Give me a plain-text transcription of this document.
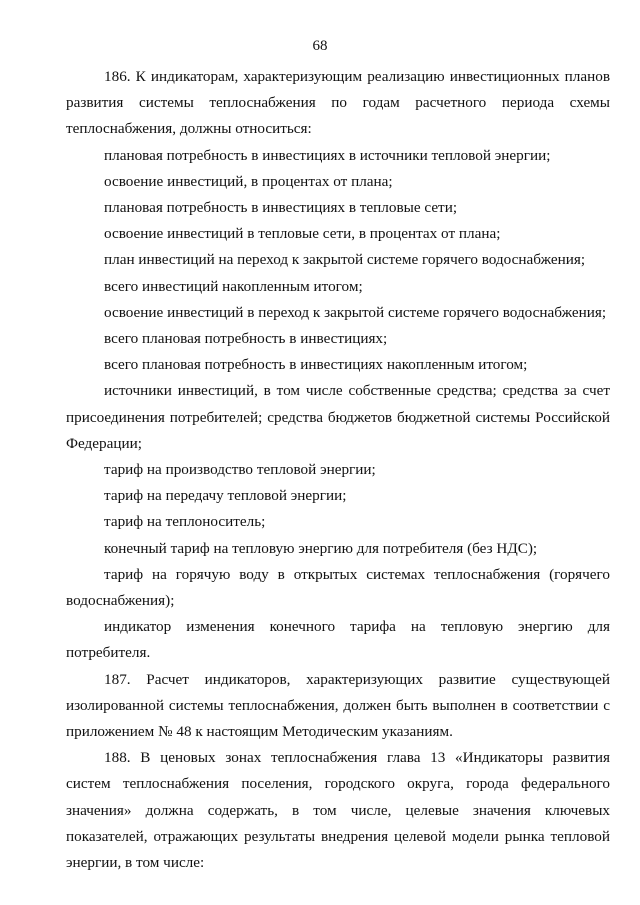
68

186. К индикаторам, характеризующим реализацию инвестиционных планов развития системы теплоснабжения по годам расчетного периода схемы теплоснабжения, должны относиться:

плановая потребность в инвестициях в источники тепловой энергии;

освоение инвестиций, в процентах от плана;

плановая потребность в инвестициях в тепловые сети;

освоение инвестиций в тепловые сети, в процентах от плана;

план инвестиций на переход к закрытой системе горячего водоснабжения;

всего инвестиций накопленным итогом;

освоение инвестиций в переход к закрытой системе горячего водоснабжения;

всего плановая потребность в инвестициях;

всего плановая потребность в инвестициях накопленным итогом;

источники инвестиций, в том числе собственные средства; средства за счет присоединения потребителей; средства бюджетов бюджетной системы Российской Федерации;

тариф на производство тепловой энергии;

тариф на передачу тепловой энергии;

тариф на теплоноситель;

конечный тариф на тепловую энергию для потребителя (без НДС);

тариф на горячую воду в открытых системах теплоснабжения (горячего водоснабжения);

индикатор изменения конечного тарифа на тепловую энергию для потребителя.

187. Расчет индикаторов, характеризующих развитие существующей изолированной системы теплоснабжения, должен быть выполнен в соответствии с приложением № 48 к настоящим Методическим указаниям.

188. В ценовых зонах теплоснабжения глава 13 «Индикаторы развития систем теплоснабжения поселения, городского округа, города федерального значения» должна содержать, в том числе, целевые значения ключевых показателей, отражающих результаты внедрения целевой модели рынка тепловой энергии, в том числе:
